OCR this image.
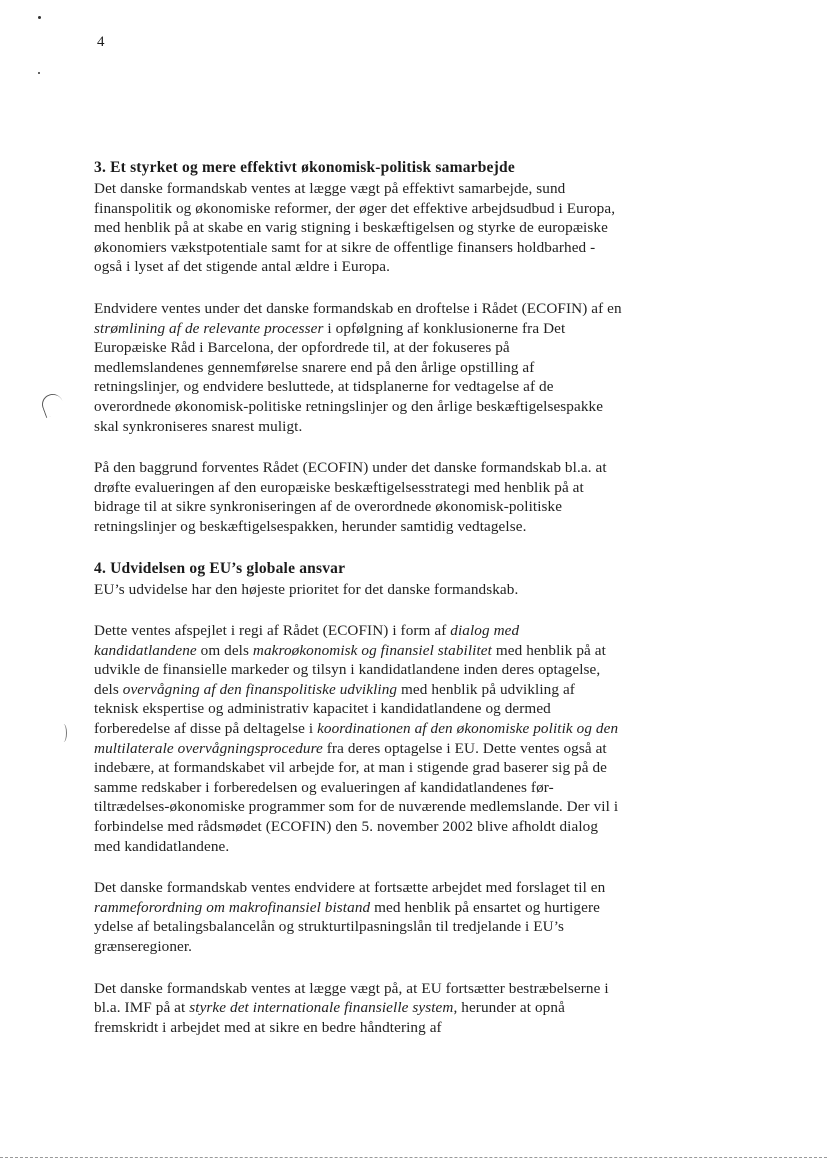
4
3. Et styrket og mere effektivt økonomisk-politisk samarbejde

Det danske formandskab ventes at lægge vægt på effektivt samarbejde, sund finanspolitik og økonomiske reformer, der øger det effektive arbejdsudbud i Europa, med henblik på at skabe en varig stigning i beskæftigelsen og styrke de europæiske økonomiers vækstpotentiale samt for at sikre de offentlige finansers holdbarhed - også i lyset af det stigende antal ældre i Europa.

Endvidere ventes under det danske formandskab en droftelse i Rådet (ECOFIN) af en strømlining af de relevante processer i opfølgning af konklusionerne fra Det Europæiske Råd i Barcelona, der opfordrede til, at der fokuseres på medlemslandenes gennemførelse snarere end på den årlige opstilling af retningslinjer, og endvidere besluttede, at tidsplanerne for vedtagelse af de overordnede økonomisk-politiske retningslinjer og den årlige beskæftigelsespakke skal synkroniseres snarest muligt.

På den baggrund forventes Rådet (ECOFIN) under det danske formandskab bl.a. at drøfte evalueringen af den europæiske beskæftigelsesstrategi med henblik på at bidrage til at sikre synkroniseringen af de overordnede økonomisk-politiske retningslinjer og beskæftigelsespakken, herunder samtidig vedtagelse.

4. Udvidelsen og EU’s globale ansvar

EU’s udvidelse har den højeste prioritet for det danske formandskab.

Dette ventes afspejlet i regi af Rådet (ECOFIN) i form af dialog med kandidatlandene om dels makroøkonomisk og finansiel stabilitet med henblik på at udvikle de finansielle markeder og tilsyn i kandidatlandene inden deres optagelse, dels overvågning af den finanspolitiske udvikling med henblik på udvikling af teknisk ekspertise og administrativ kapacitet i kandidatlandene og dermed forberedelse af disse på deltagelse i koordinationen af den økonomiske politik og den multilaterale overvågningsprocedure fra deres optagelse i EU. Dette ventes også at indebære, at formandskabet vil arbejde for, at man i stigende grad baserer sig på de samme redskaber i forberedelsen og evalueringen af kandidatlandenes før-tiltrædelses-økonomiske programmer som for de nuværende medlemslande. Der vil i forbindelse med rådsmødet (ECOFIN) den 5. november 2002 blive afholdt dialog med kandidatlandene.

Det danske formandskab ventes endvidere at fortsætte arbejdet med forslaget til en rammeforordning om makrofinansiel bistand med henblik på ensartet og hurtigere ydelse af betalingsbalancelån og strukturtilpasningslån til tredjelande i EU’s grænseregioner.

Det danske formandskab ventes at lægge vægt på, at EU fortsætter bestræbelserne i bl.a. IMF på at styrke det internationale finansielle system, herunder at opnå fremskridt i arbejdet med at sikre en bedre håndtering af
